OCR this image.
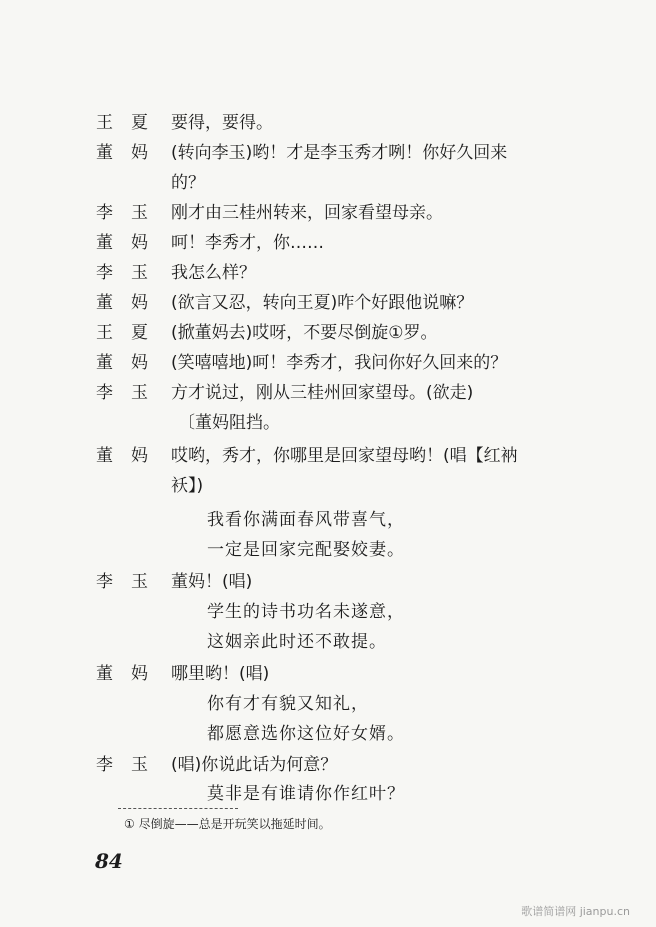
王夏 要得，要得。
董妈 (转向李玉)哟！才是李玉秀才咧！你好久回来
的？
李玉 刚才由三桂州转来，回家看望母亲。
董妈 呵！李秀才，你……
李玉 我怎么样？
董妈 (欲言又忍，转向王夏)咋个好跟他说嘛？
王夏 (掀董妈去)哎呀，不要尽倒旋①罗。
董妈 (笑嘻嘻地)呵！李秀才，我问你好久回来的？
李玉 方才说过，刚从三桂州回家望母。(欲走)
〔董妈阻挡。
董妈 哎哟，秀才，你哪里是回家望母哟！(唱【红衲
袄】)
我看你满面春风带喜气，
一定是回家完配娶姣妻。
李玉 董妈！(唱)
学生的诗书功名未遂意，
这姻亲此时还不敢提。
董妈 哪里哟！(唱)
你有才有貌又知礼，
都愿意选你这位好女婿。
李玉 (唱)你说此话为何意？
莫非是有谁请你作红叶？
① 尽倒旋——总是开玩笑以拖延时间。
84
歌谱简谱网 jianpu.cn
